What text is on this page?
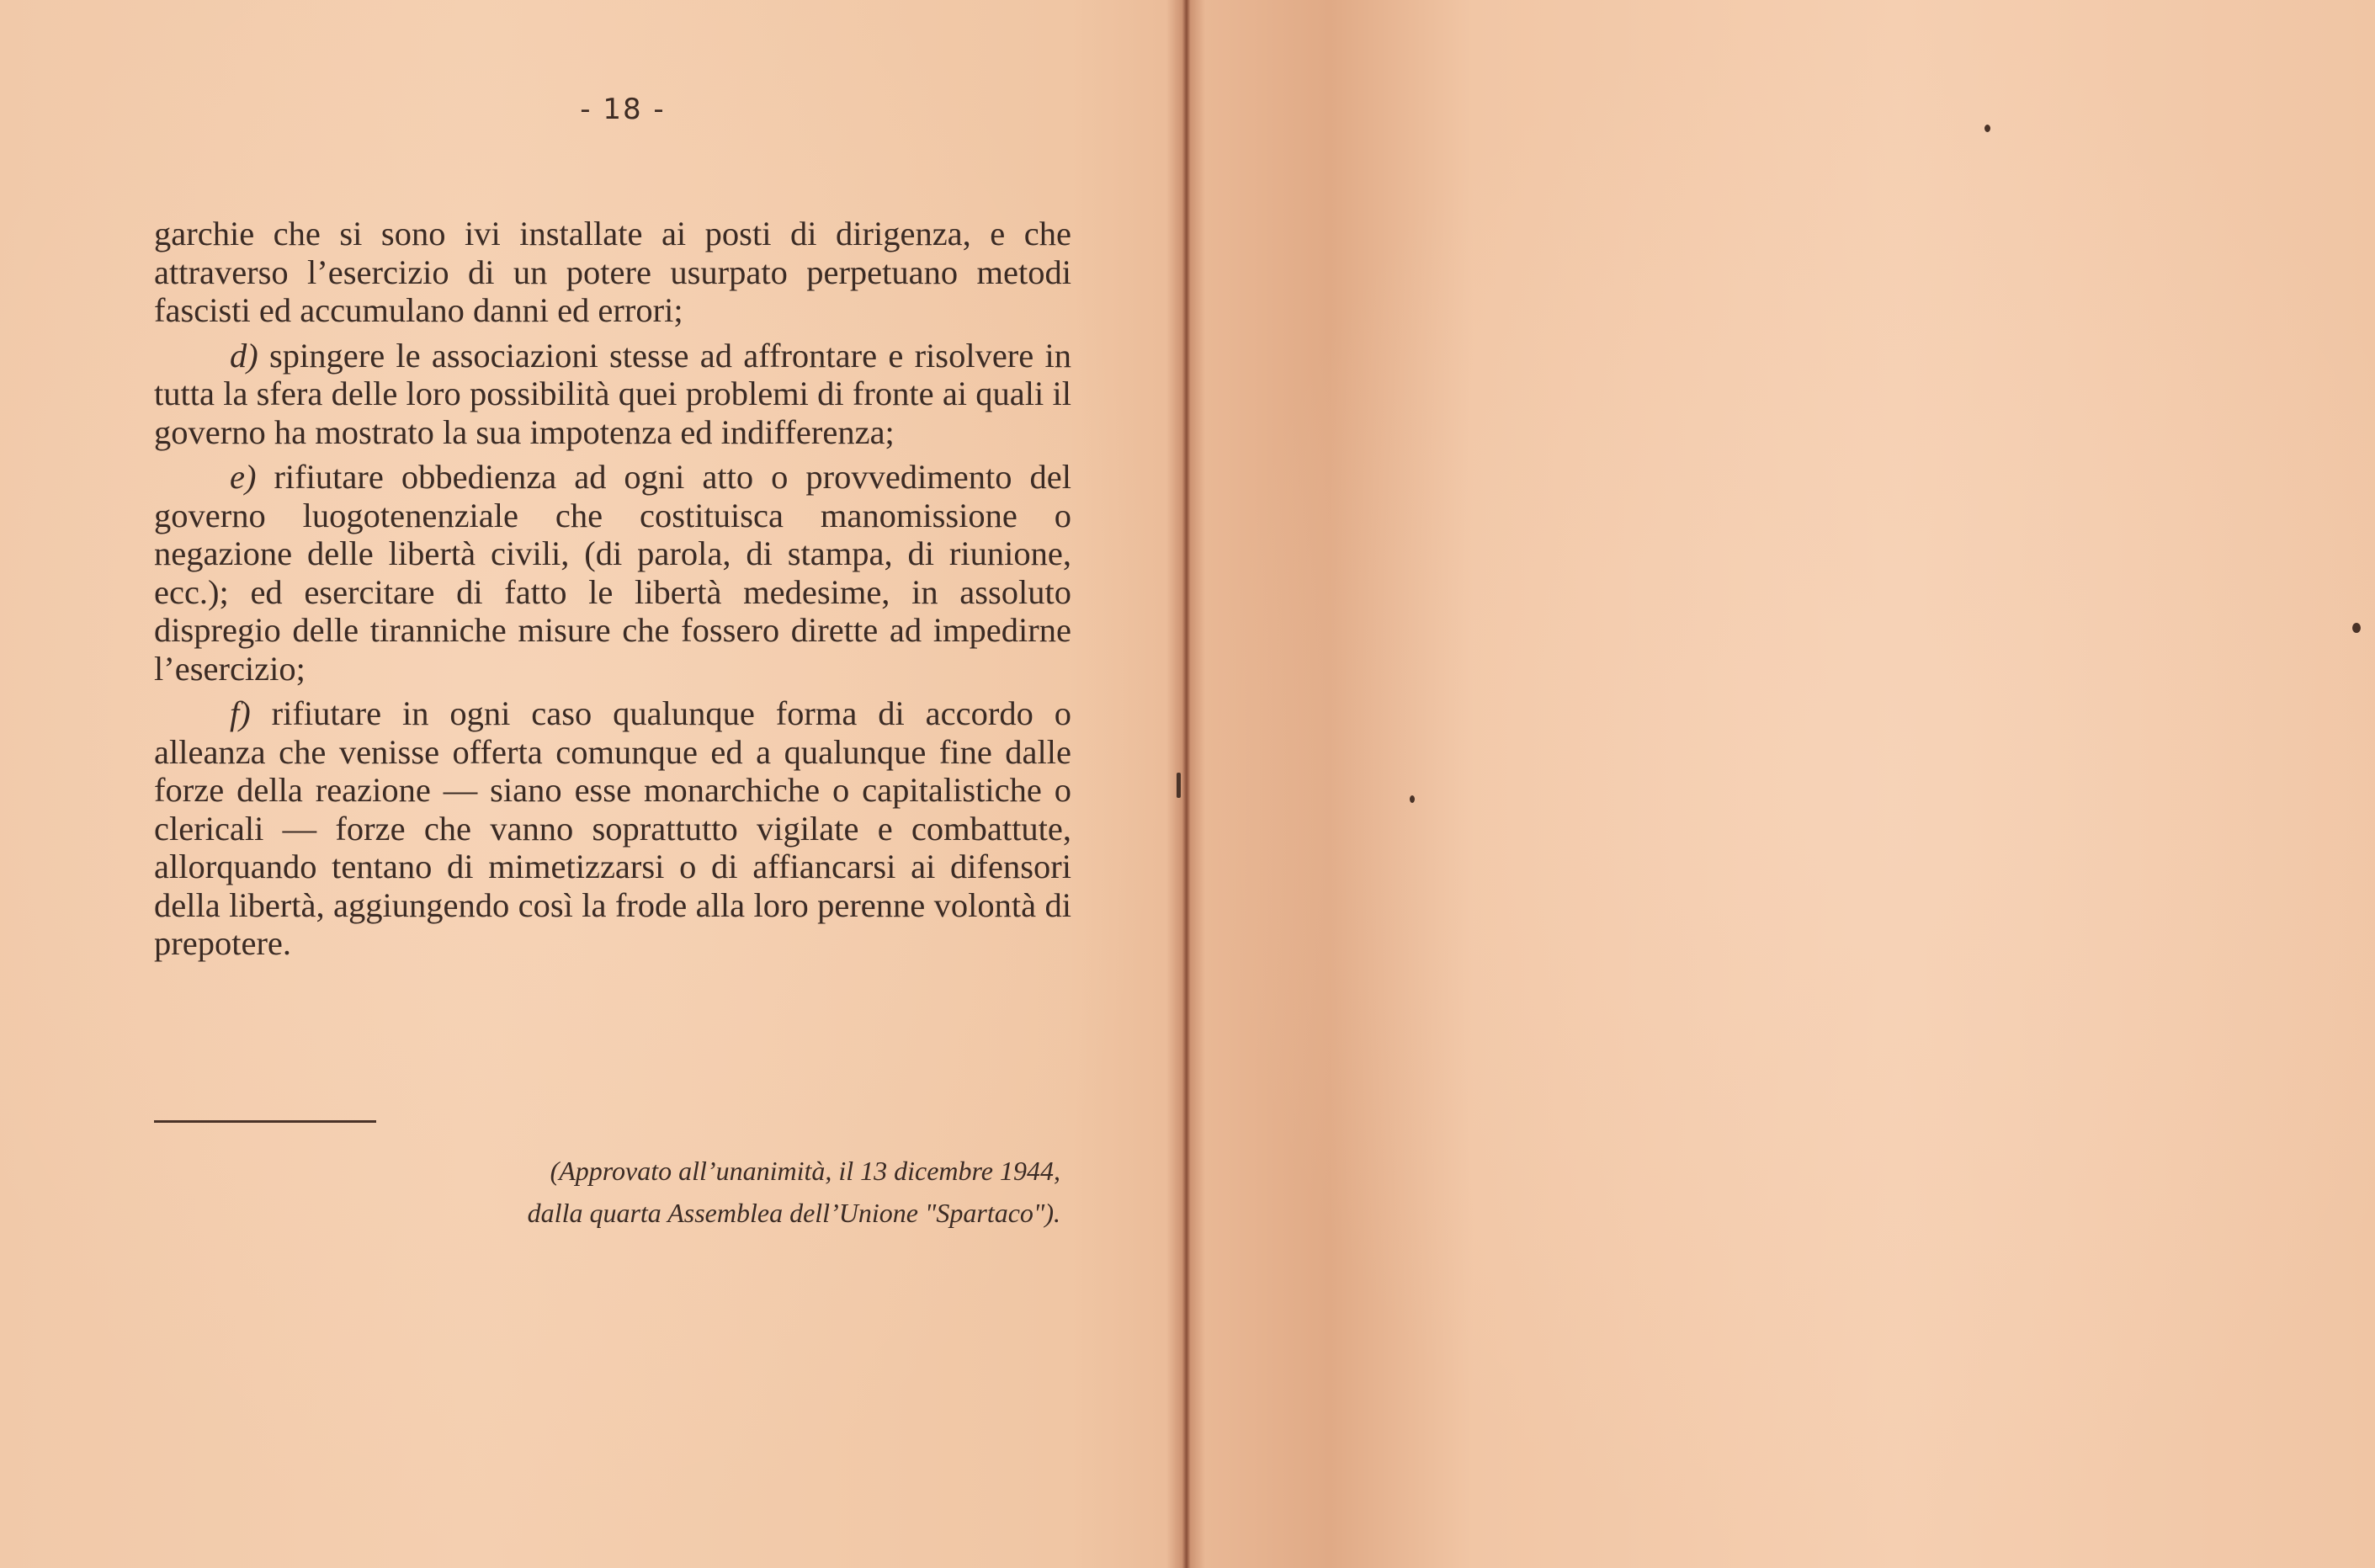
- 18 -

garchie che si sono ivi installate ai posti di dirigenza, e che attraverso l’esercizio di un potere usurpato perpetuano metodi fascisti ed accumulano danni ed errori;

d) spingere le associazioni stesse ad affrontare e risolvere in tutta la sfera delle loro possibilità quei problemi di fronte ai quali il governo ha mostrato la sua impotenza ed indifferenza;

e) rifiutare obbedienza ad ogni atto o provvedimento del governo luogotenenziale che costituisca manomissione o negazione delle libertà civili, (di parola, di stampa, di riunione, ecc.); ed esercitare di fatto le libertà medesime, in assoluto dispregio delle tiranniche misure che fossero dirette ad impedirne l’esercizio;

f) rifiutare in ogni caso qualunque forma di accordo o alleanza che venisse offerta comunque ed a qualunque fine dalle forze della reazione — siano esse monarchiche o capitalistiche o clericali — forze che vanno soprattutto vigilate e combattute, allorquando tentano di mimetizzarsi o di affiancarsi ai difensori della libertà, aggiungendo così la frode alla loro perenne volontà di prepotere.

(Approvato all’unanimità, il 13 dicembre 1944,
dalla quarta Assemblea dell’Unione "Spartaco").
